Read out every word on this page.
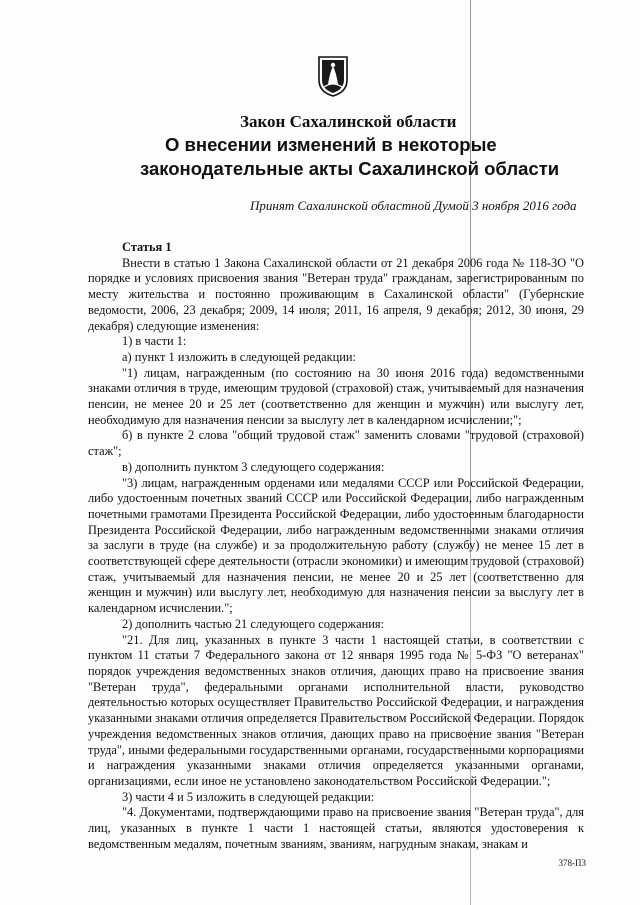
Закон Сахалинской области
О внесении изменений в некоторые
законодательные акты Сахалинской области
Принят Сахалинской областной Думой 3 ноября 2016 года

Статья 1

Внести в статью 1 Закона Сахалинской области от 21 декабря 2006 года № 118-ЗО "О порядке и условиях присвоения звания "Ветеран труда" гражданам, зарегистрированным по месту жительства и постоянно проживающим в Сахалинской области" (Губернские ведомости, 2006, 23 декабря; 2009, 14 июля; 2011, 16 апреля, 9 декабря; 2012, 30 июня, 29 декабря) следующие изменения:

1) в части 1:

а) пункт 1 изложить в следующей редакции:

"1) лицам, награжденным (по состоянию на 30 июня 2016 года) ведомственными знаками отличия в труде, имеющим трудовой (страховой) стаж, учитываемый для назначения пенсии, не менее 20 и 25 лет (соответственно для женщин и мужчин) или выслугу лет, необходимую для назначения пенсии за выслугу лет в календарном исчислении;";

б) в пункте 2 слова "общий трудовой стаж" заменить словами "трудовой (страховой) стаж";

в) дополнить пунктом 3 следующего содержания:

"3) лицам, награжденным орденами или медалями СССР или Российской Федерации, либо удостоенным почетных званий СССР или Российской Федерации, либо награжденным почетными грамотами Президента Российской Федерации, либо удостоенным благодарности Президента Российской Федерации, либо награжденным ведомственными знаками отличия за заслуги в труде (на службе) и за продолжительную работу (службу) не менее 15 лет в соответствующей сфере деятельности (отрасли экономики) и имеющим трудовой (страховой) стаж, учитываемый для назначения пенсии, не менее 20 и 25 лет (соответственно для женщин и мужчин) или выслугу лет, необходимую для назначения пенсии за выслугу лет в календарном исчислении.";

2) дополнить частью 21 следующего содержания:

"21. Для лиц, указанных в пункте 3 части 1 настоящей статьи, в соответствии с пунктом 11 статьи 7 Федерального закона от 12 января 1995 года № 5-ФЗ "О ветеранах" порядок учреждения ведомственных знаков отличия, дающих право на присвоение звания "Ветеран труда", федеральными органами исполнительной власти, руководство деятельностью которых осуществляет Правительство Российской Федерации, и награждения указанными знаками отличия определяется Правительством Российской Федерации. Порядок учреждения ведомственных знаков отличия, дающих право на присвоение звания "Ветеран труда", иными федеральными государственными органами, государственными корпорациями и награждения указанными знаками отличия определяется указанными органами, организациями, если иное не установлено законодательством Российской Федерации.";

3) части 4 и 5 изложить в следующей редакции:

"4. Документами, подтверждающими право на присвоение звания "Ветеран труда", для лиц, указанных в пункте 1 части 1 настоящей статьи, являются удостоверения к ведомственным медалям, почетным званиям, званиям, нагрудным знакам, знакам и

378-П3
